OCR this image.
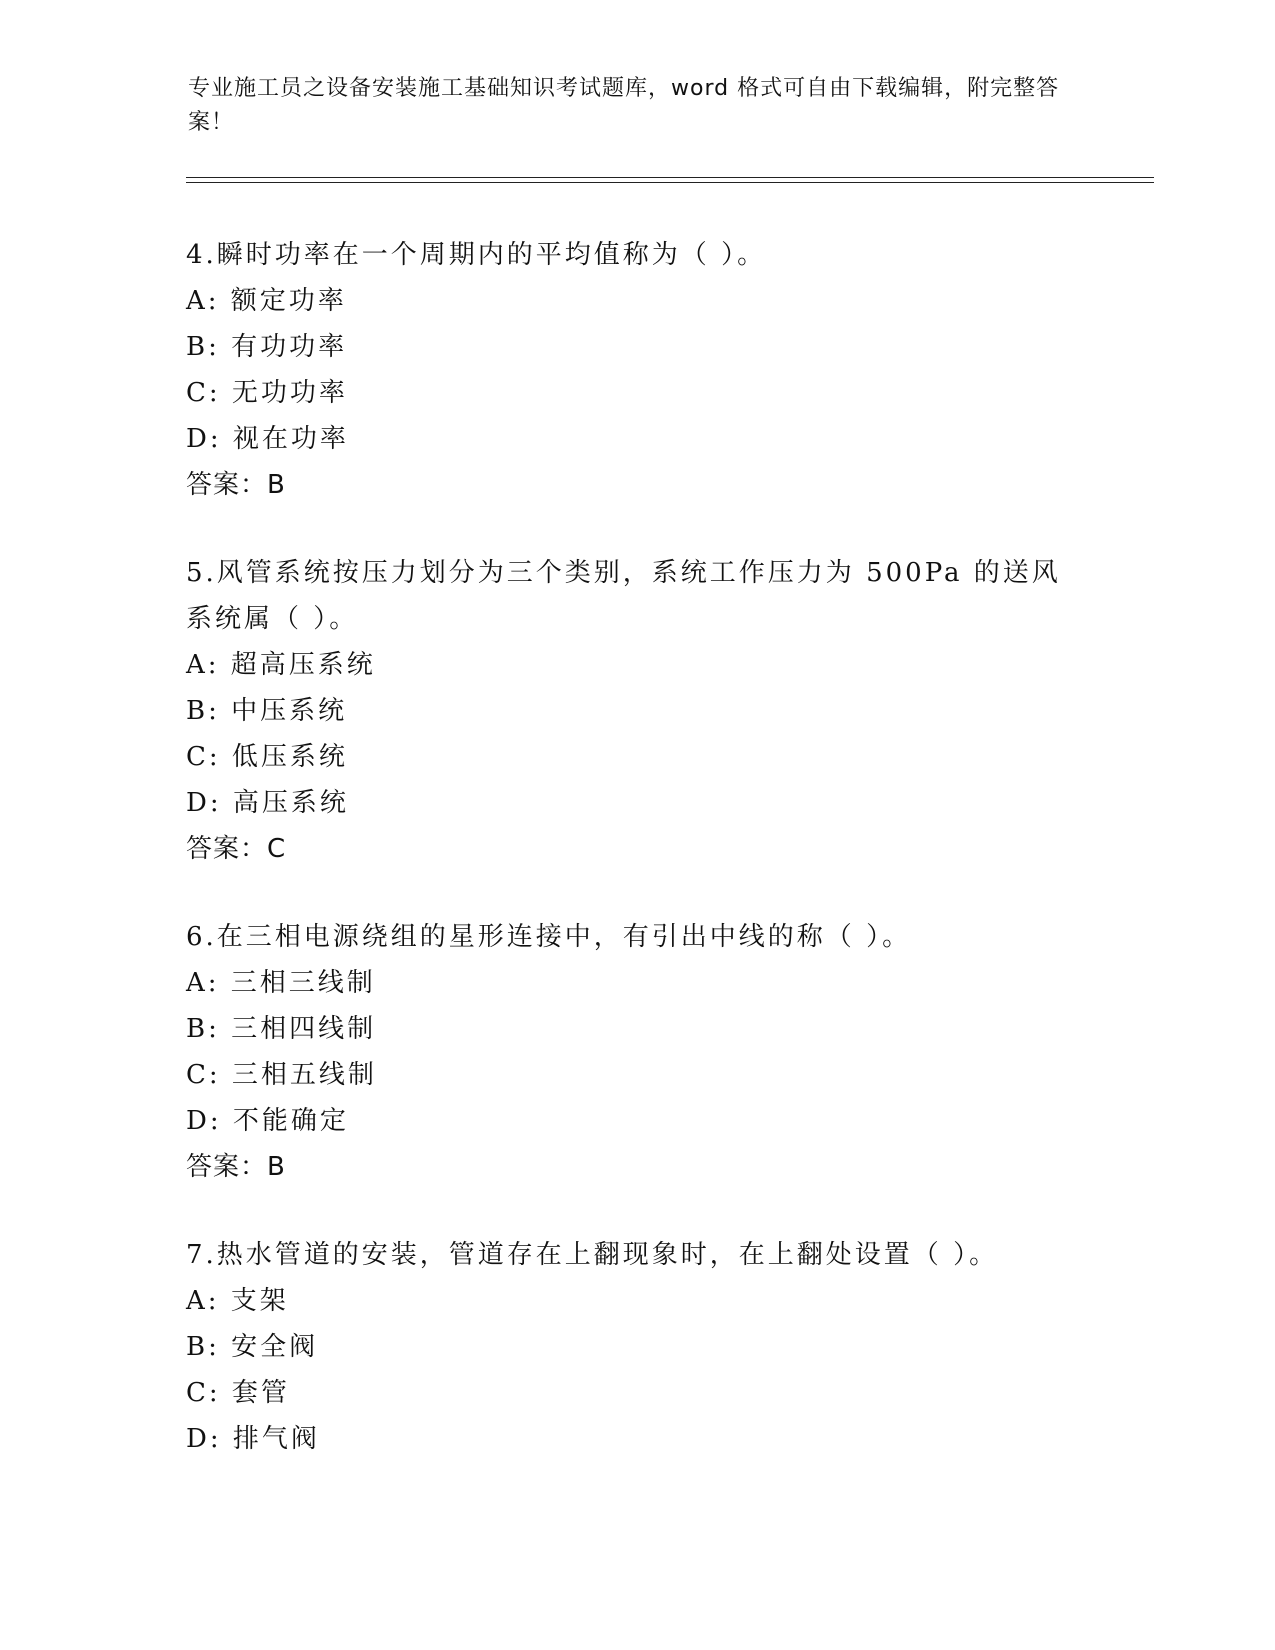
专业施工员之设备安装施工基础知识考试题库，word 格式可自由下载编辑，附完整答案！
4.瞬时功率在一个周期内的平均值称为（ ）。
A: 额定功率
B: 有功功率
C: 无功功率
D: 视在功率
答案：B
5.风管系统按压力划分为三个类别，系统工作压力为 500Pa 的送风系统属（ ）。
A: 超高压系统
B: 中压系统
C: 低压系统
D: 高压系统
答案：C
6.在三相电源绕组的星形连接中，有引出中线的称（ ）。
A: 三相三线制
B: 三相四线制
C: 三相五线制
D: 不能确定
答案：B
7.热水管道的安装，管道存在上翻现象时，在上翻处设置（ ）。
A: 支架
B: 安全阀
C: 套管
D: 排气阀
